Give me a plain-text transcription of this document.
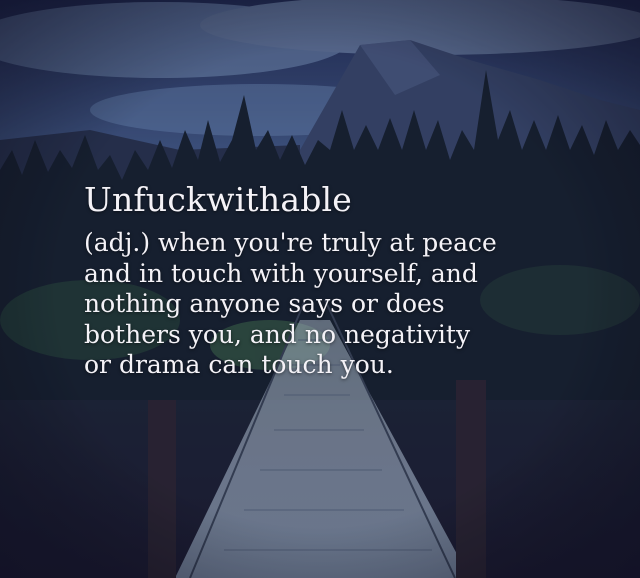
Unfuckwithable
(adj.) when you're truly at peace
and in touch with yourself, and
nothing anyone says or does
bothers you, and no negativity
or drama can touch you.
